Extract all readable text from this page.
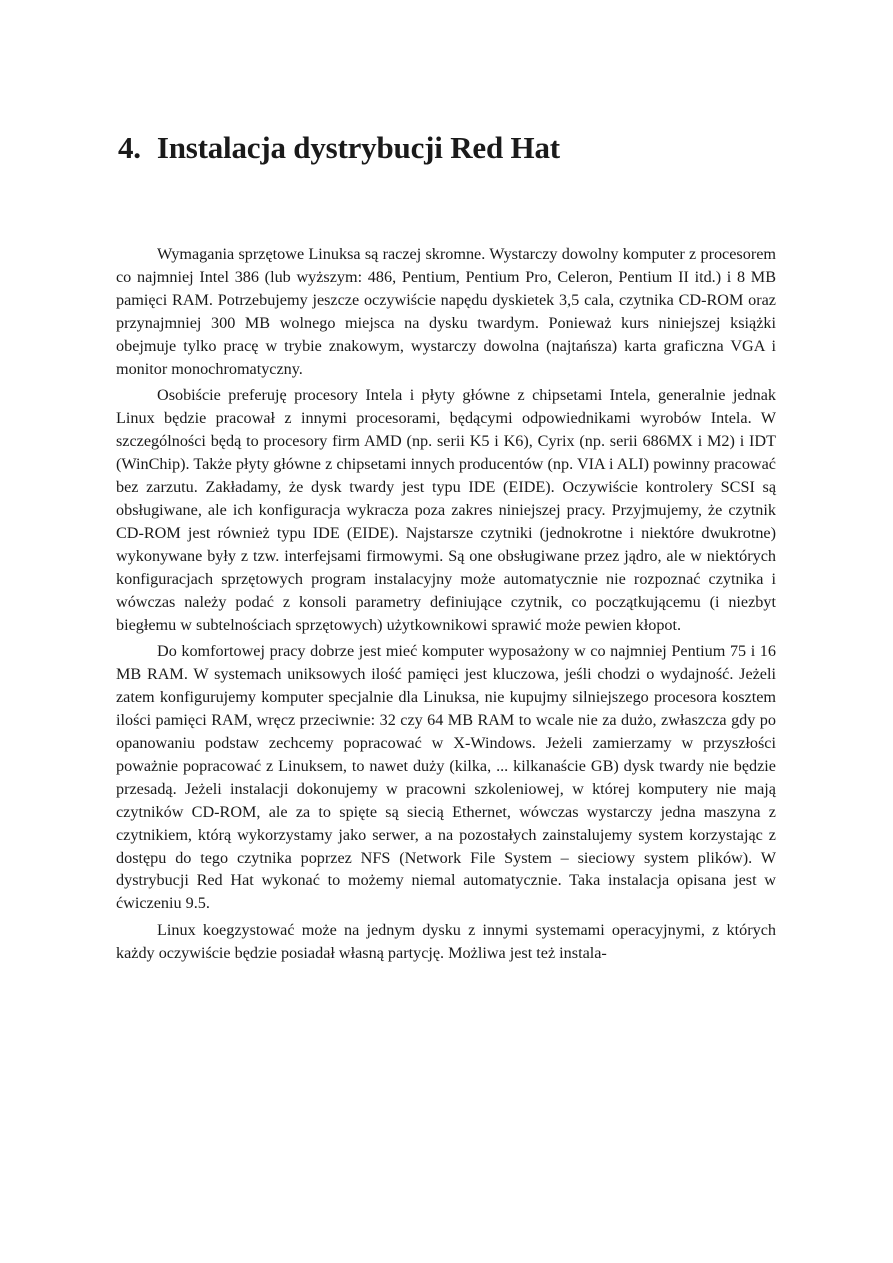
4. Instalacja dystrybucji Red Hat

Wymagania sprzętowe Linuksa są raczej skromne. Wystarczy dowolny komputer z procesorem co najmniej Intel 386 (lub wyższym: 486, Pentium, Pentium Pro, Celeron, Pentium II itd.) i 8 MB pamięci RAM. Potrzebujemy jeszcze oczywiście napędu dyskietek 3,5 cala, czytnika CD-ROM oraz przynajmniej 300 MB wolnego miejsca na dysku twardym. Ponieważ kurs niniejszej książki obejmuje tylko pracę w trybie znakowym, wystarczy dowolna (najtańsza) karta graficzna VGA i monitor monochromatyczny.

Osobiście preferuję procesory Intela i płyty główne z chipsetami Intela, generalnie jednak Linux będzie pracował z innymi procesorami, będącymi odpowiednikami wyrobów Intela. W szczególności będą to procesory firm AMD (np. serii K5 i K6), Cyrix (np. serii 686MX i M2) i IDT (WinChip). Także płyty główne z chipsetami innych producentów (np. VIA i ALI) powinny pracować bez zarzutu. Zakładamy, że dysk twardy jest typu IDE (EIDE). Oczywiście kontrolery SCSI są obsługiwane, ale ich konfiguracja wykracza poza zakres niniejszej pracy. Przyjmujemy, że czytnik CD-ROM jest również typu IDE (EIDE). Najstarsze czytniki (jednokrotne i niektóre dwukrotne) wykonywane były z tzw. interfejsami firmowymi. Są one obsługiwane przez jądro, ale w niektórych konfiguracjach sprzętowych program instalacyjny może automatycznie nie rozpoznać czytnika i wówczas należy podać z konsoli parametry definiujące czytnik, co początkującemu (i niezbyt biegłemu w subtelnościach sprzętowych) użytkownikowi sprawić może pewien kłopot.

Do komfortowej pracy dobrze jest mieć komputer wyposażony w co najmniej Pentium 75 i 16 MB RAM. W systemach uniksowych ilość pamięci jest kluczowa, jeśli chodzi o wydajność. Jeżeli zatem konfigurujemy komputer specjalnie dla Linuksa, nie kupujmy silniejszego procesora kosztem ilości pamięci RAM, wręcz przeciwnie: 32 czy 64 MB RAM to wcale nie za dużo, zwłaszcza gdy po opanowaniu podstaw zechcemy popracować w X-Windows. Jeżeli zamierzamy w przyszłości poważnie popracować z Linuksem, to nawet duży (kilka, ... kilkanaście GB) dysk twardy nie będzie przesadą. Jeżeli instalacji dokonujemy w pracowni szkoleniowej, w której komputery nie mają czytników CD-ROM, ale za to spięte są siecią Ethernet, wówczas wystarczy jedna maszyna z czytnikiem, którą wykorzystamy jako serwer, a na pozostałych zainstalujemy system korzystając z dostępu do tego czytnika poprzez NFS (Network File System – sieciowy system plików). W dystrybucji Red Hat wykonać to możemy niemal automatycznie. Taka instalacja opisana jest w ćwiczeniu 9.5.

Linux koegzystować może na jednym dysku z innymi systemami operacyjnymi, z których każdy oczywiście będzie posiadał własną partycję. Możliwa jest też instala-
